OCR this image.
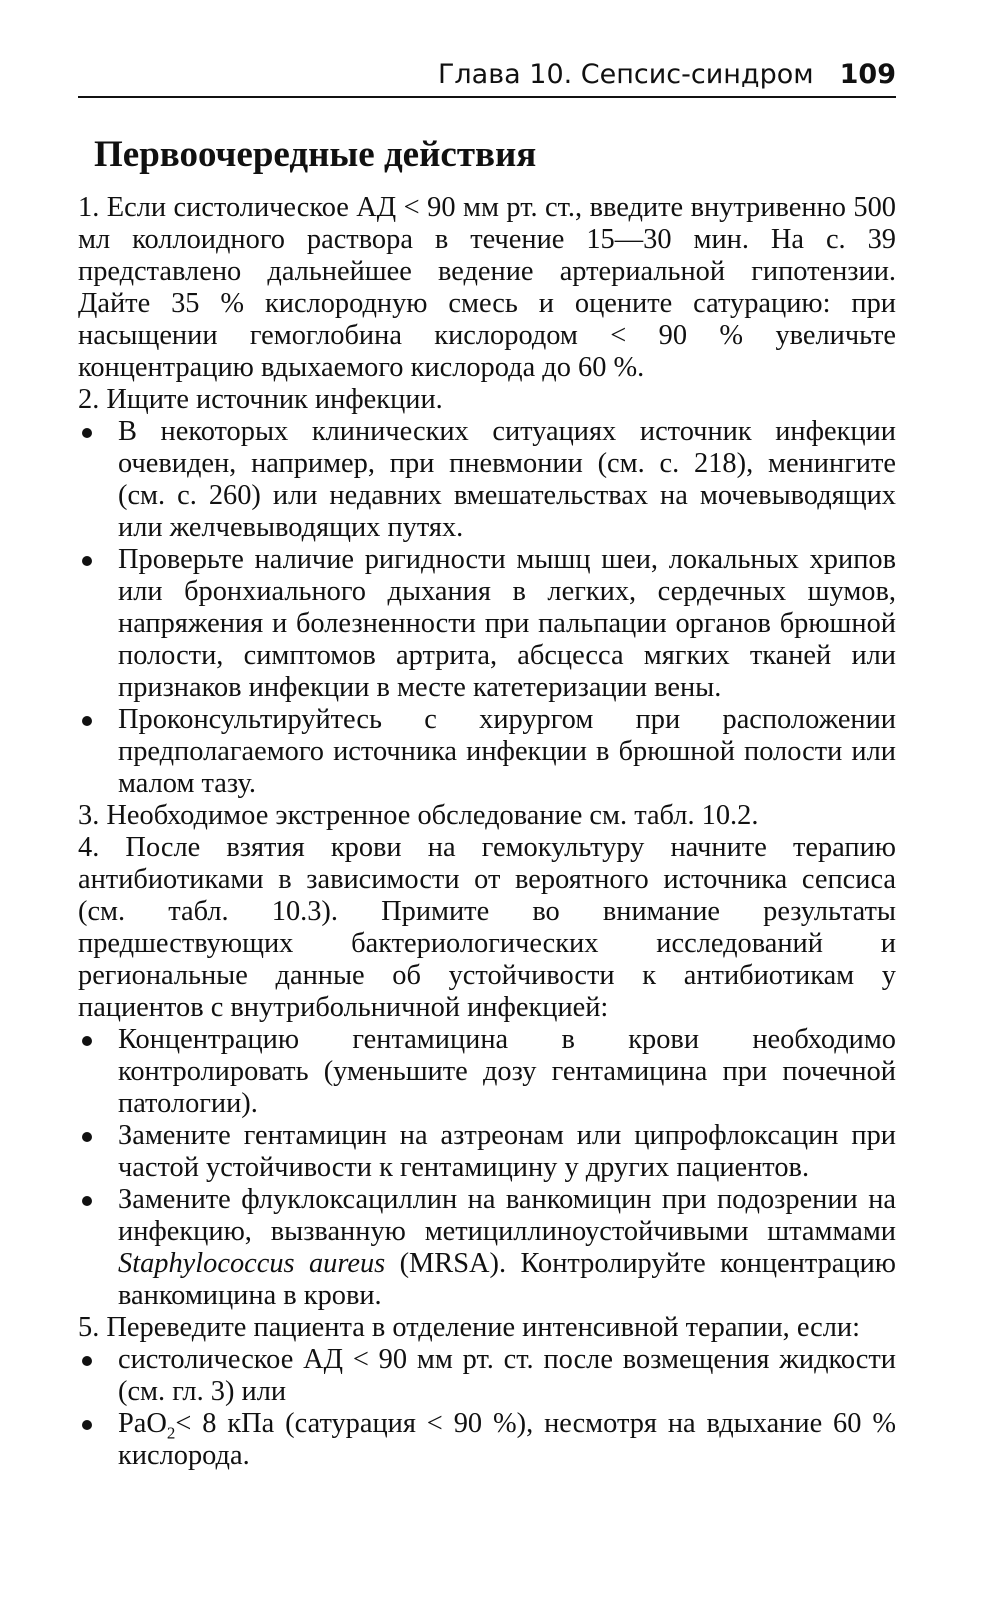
Глава 10. Сепсис-синдром 109
Первоочередные действия

1. Если систолическое АД < 90 мм рт. ст., введите внутривенно 500 мл коллоидного раствора в течение 15—30 мин. На с. 39 представлено дальнейшее ведение артериальной гипотензии. Дайте 35 % кислородную смесь и оцените сатурацию: при насыщении гемоглобина кислородом < 90 % увеличьте концентрацию вдыхаемого кислорода до 60 %.

2. Ищите источник инфекции.

В некоторых клинических ситуациях источник инфекции очевиден, например, при пневмонии (см. с. 218), менингите (см. с. 260) или недавних вмешательствах на мочевыводящих или желчевыводящих путях.
Проверьте наличие ригидности мышц шеи, локальных хрипов или бронхиального дыхания в легких, сердечных шумов, напряжения и болезненности при пальпации органов брюшной полости, симптомов артрита, абсцесса мягких тканей или признаков инфекции в месте катетеризации вены.
Проконсультируйтесь с хирургом при расположении предполагаемого источника инфекции в брюшной полости или малом тазу.

3. Необходимое экстренное обследование см. табл. 10.2.

4. После взятия крови на гемокультуру начните терапию антибиотиками в зависимости от вероятного источника сепсиса (см. табл. 10.3). Примите во внимание результаты предшествующих бактериологических исследований и региональные данные об устойчивости к антибиотикам у пациентов с внутрибольничной инфекцией:

Концентрацию гентамицина в крови необходимо контролировать (уменьшите дозу гентамицина при почечной патологии).
Замените гентамицин на азтреонам или ципрофлоксацин при частой устойчивости к гентамицину у других пациентов.
Замените флуклоксациллин на ванкомицин при подозрении на инфекцию, вызванную метициллиноустойчивыми штаммами Staphylococcus aureus (MRSA). Контролируйте концентрацию ванкомицина в крови.

5. Переведите пациента в отделение интенсивной терапии, если:

систолическое АД < 90 мм рт. ст. после возмещения жидкости (см. гл. 3) или
PaO$_2$< 8 кПа (сатурация < 90 %), несмотря на вдыхание 60 % кислорода.
